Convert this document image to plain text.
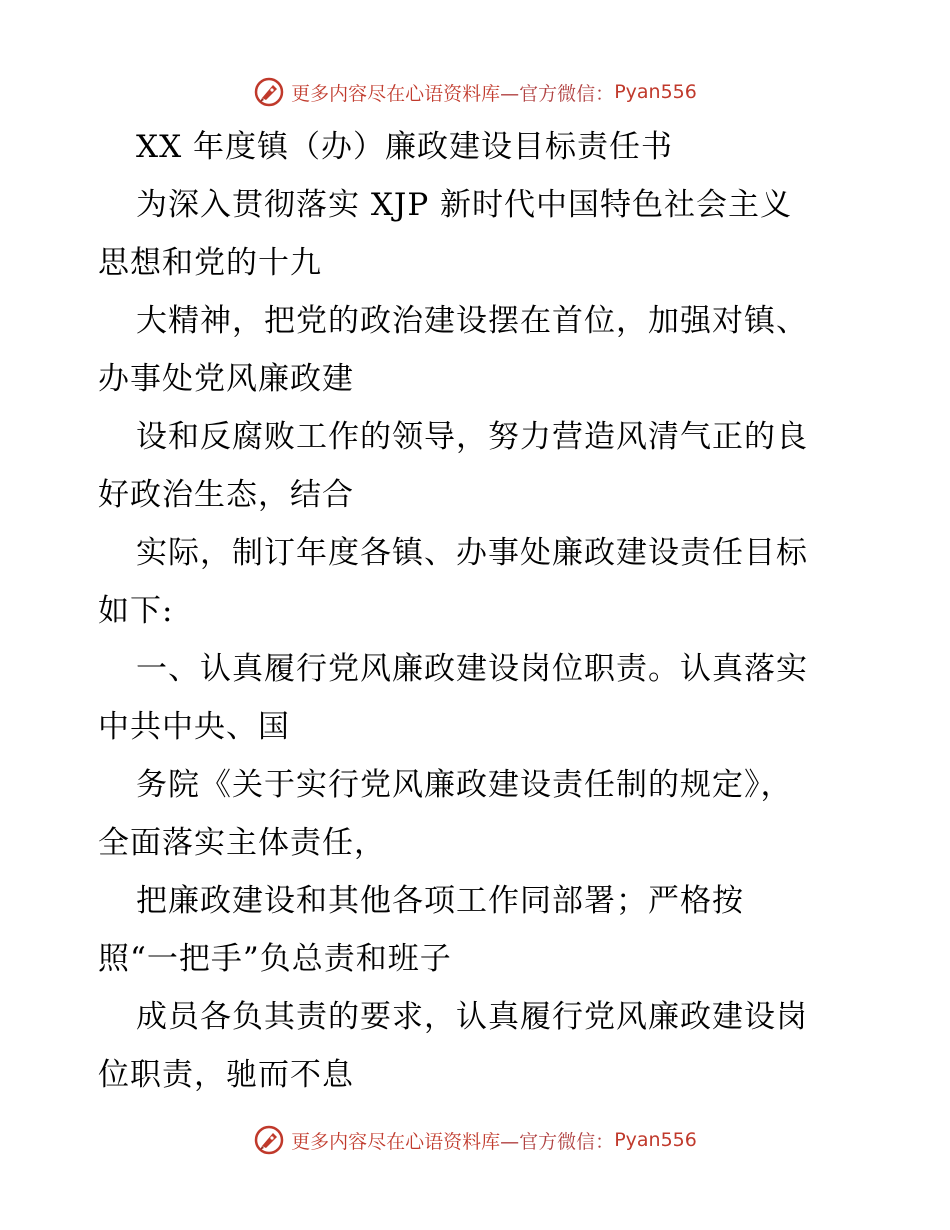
更多内容尽在心语资料库 —官方微信： Pyan556
XX 年度镇（办）廉政建设目标责任书
为深入贯彻落实 XJP 新时代中国特色社会主义
思想和党的十九
大精神，把党的政治建设摆在首位，加强对镇、
办事处党风廉政建
设和反腐败工作的领导，努力营造风清气正的良
好政治生态，结合
实际，制订年度各镇、办事处廉政建设责任目标
如下:
一、认真履行党风廉政建设岗位职责。认真落实
中共中央、国
务院《关于实行党风廉政建设责任制的规定》，
全面落实主体责任，
把廉政建设和其他各项工作同部署；严格按
照“一把手”负总责和班子
成员各负其责的要求，认真履行党风廉政建设岗
位职责，驰而不息
更多内容尽在心语资料库 —官方微信： Pyan556
